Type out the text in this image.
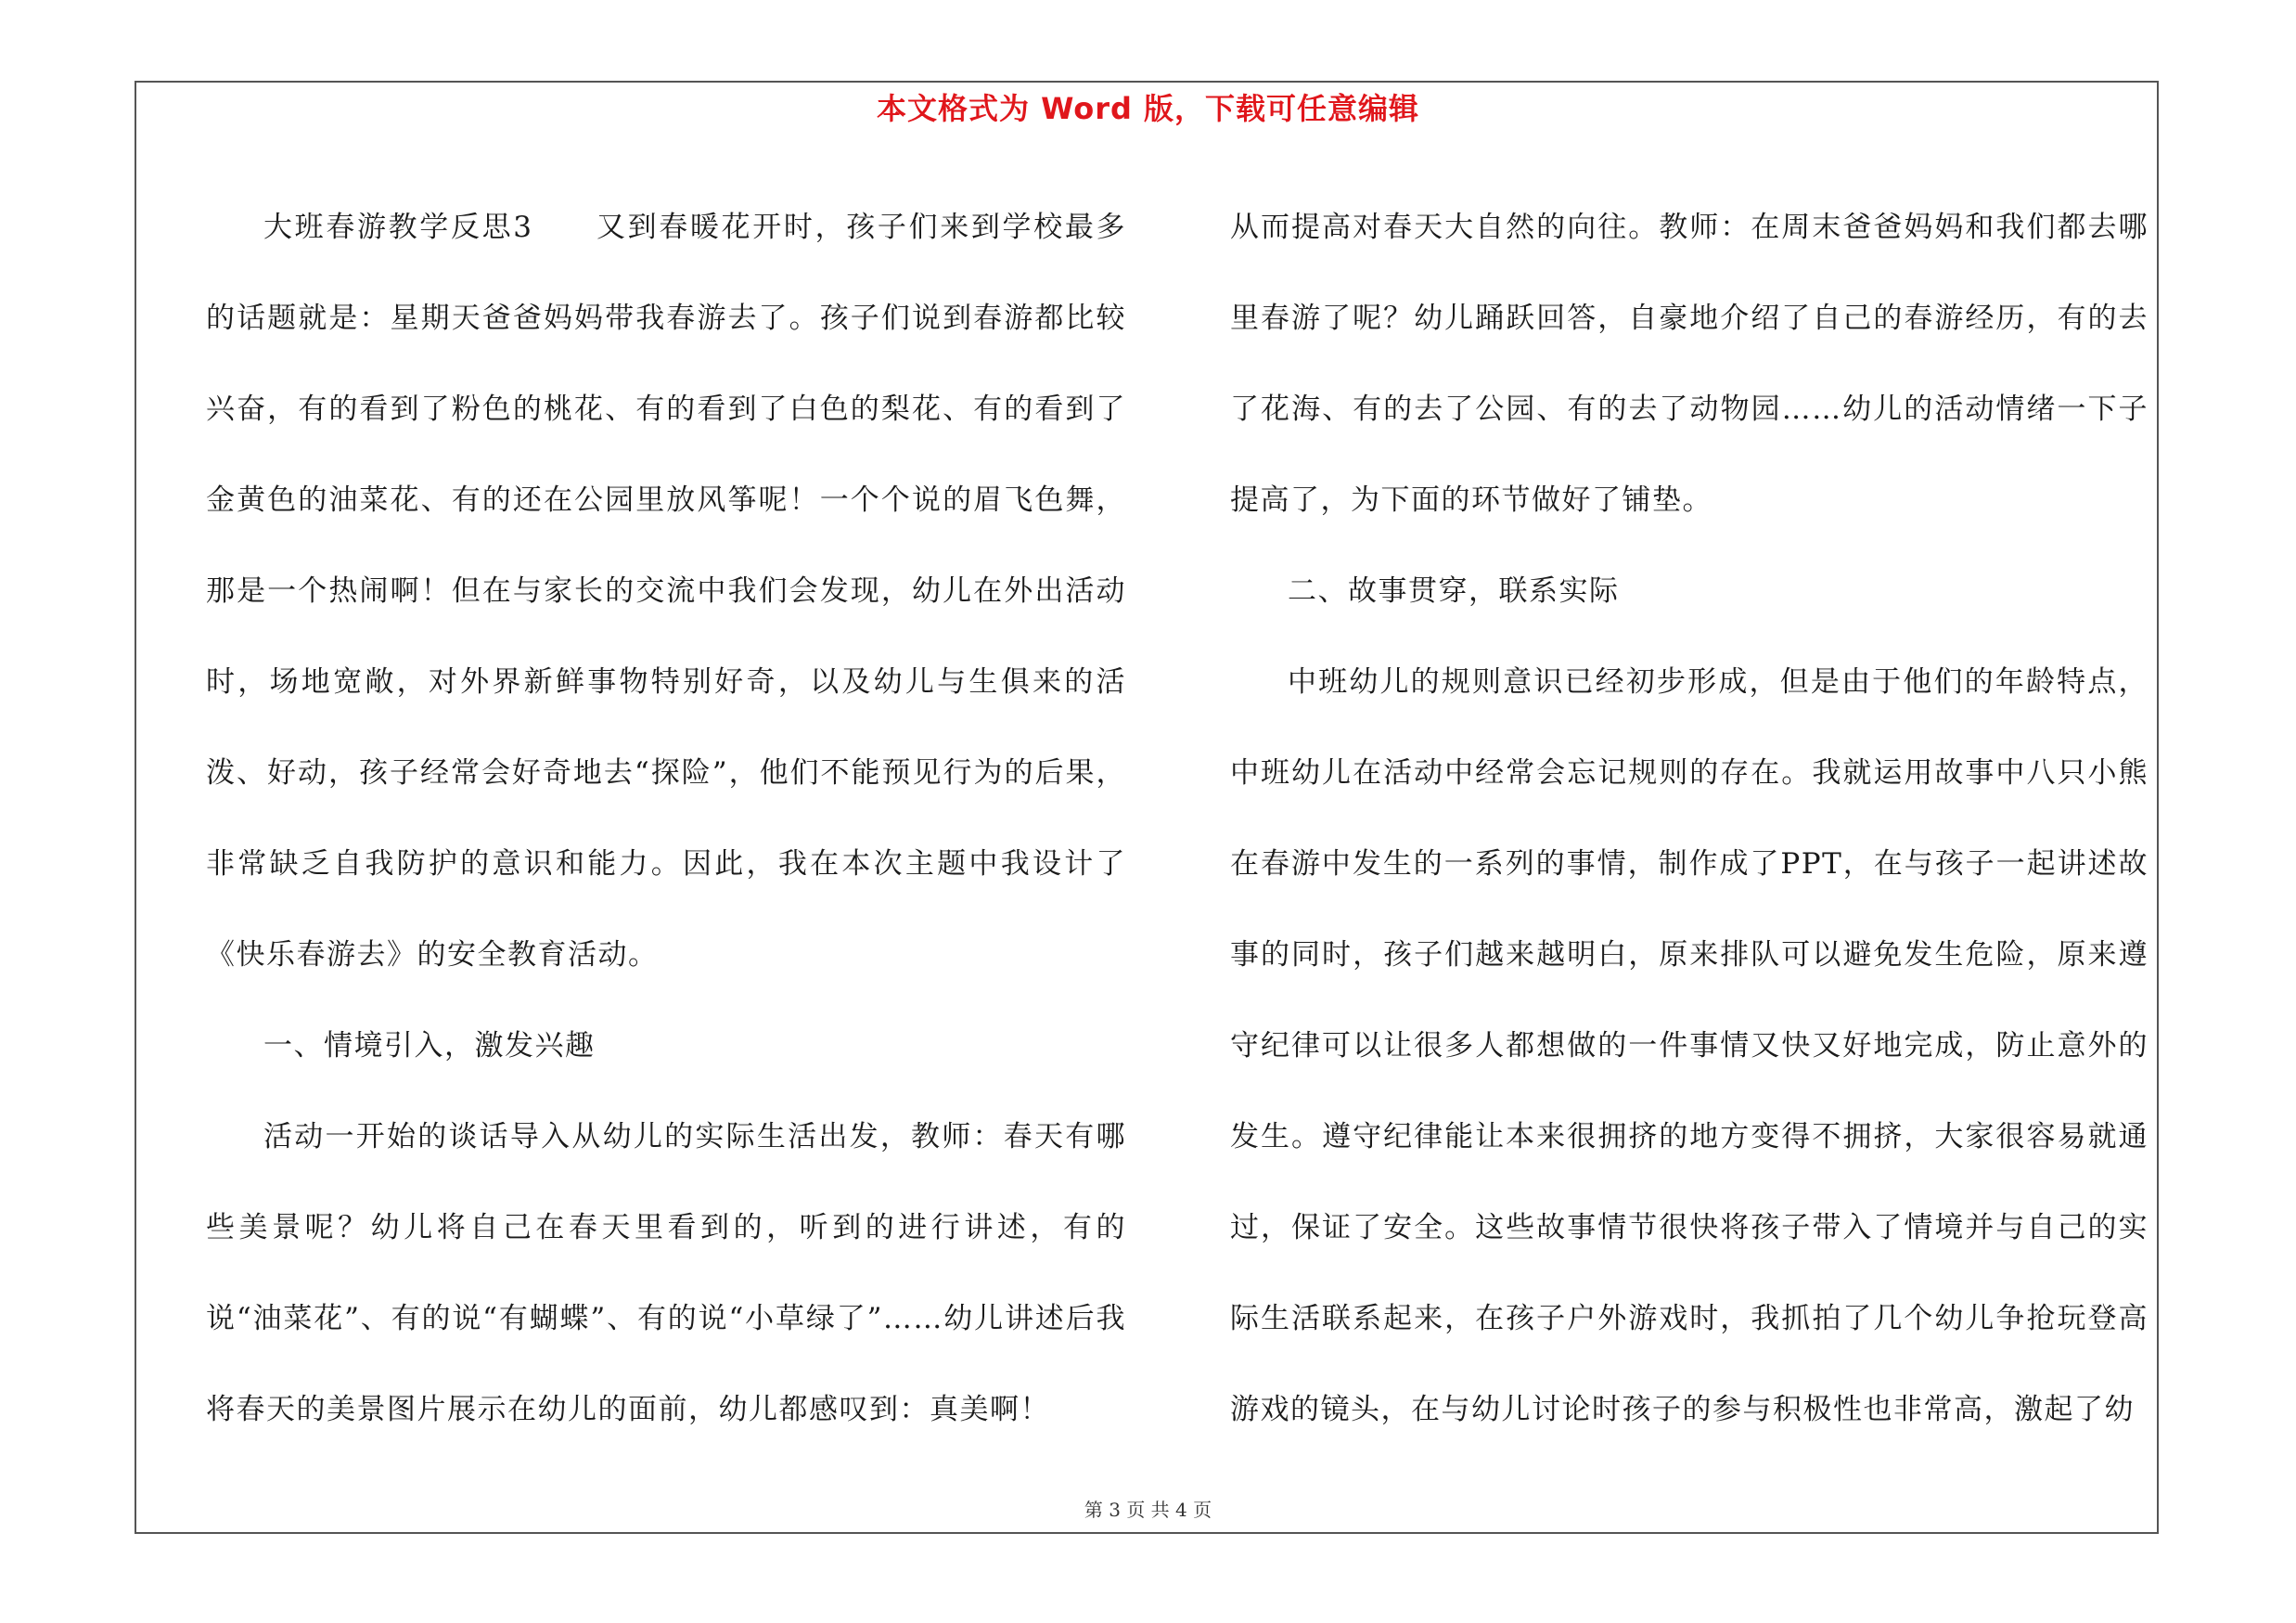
本文格式为 Word 版，下载可任意编辑

大班春游教学反思3　　又到春暖花开时，孩子们来到学校最多的话题就是：星期天爸爸妈妈带我春游去了。孩子们说到春游都比较兴奋，有的看到了粉色的桃花、有的看到了白色的梨花、有的看到了金黄色的油菜花、有的还在公园里放风筝呢！一个个说的眉飞色舞，那是一个热闹啊！但在与家长的交流中我们会发现，幼儿在外出活动时，场地宽敞，对外界新鲜事物特别好奇，以及幼儿与生俱来的活泼、好动，孩子经常会好奇地去“探险”，他们不能预见行为的后果，非常缺乏自我防护的意识和能力。因此，我在本次主题中我设计了《快乐春游去》的安全教育活动。

一、情境引入，激发兴趣

活动一开始的谈话导入从幼儿的实际生活出发，教师：春天有哪些美景呢？幼儿将自己在春天里看到的，听到的进行讲述，有的说“油菜花”、有的说“有蝴蝶”、有的说“小草绿了”……幼儿讲述后我将春天的美景图片展示在幼儿的面前，幼儿都感叹到：真美啊！

从而提高对春天大自然的向往。教师：在周末爸爸妈妈和我们都去哪里春游了呢？幼儿踊跃回答，自豪地介绍了自己的春游经历，有的去了花海、有的去了公园、有的去了动物园……幼儿的活动情绪一下子提高了，为下面的环节做好了铺垫。

二、故事贯穿，联系实际

中班幼儿的规则意识已经初步形成，但是由于他们的年龄特点，中班幼儿在活动中经常会忘记规则的存在。我就运用故事中八只小熊在春游中发生的一系列的事情，制作成了PPT，在与孩子一起讲述故事的同时，孩子们越来越明白，原来排队可以避免发生危险，原来遵守纪律可以让很多人都想做的一件事情又快又好地完成，防止意外的发生。遵守纪律能让本来很拥挤的地方变得不拥挤，大家很容易就通过，保证了安全。这些故事情节很快将孩子带入了情境并与自己的实际生活联系起来，在孩子户外游戏时，我抓拍了几个幼儿争抢玩登高游戏的镜头，在与幼儿讨论时孩子的参与积极性也非常高，激起了幼

第 3 页 共 4 页
